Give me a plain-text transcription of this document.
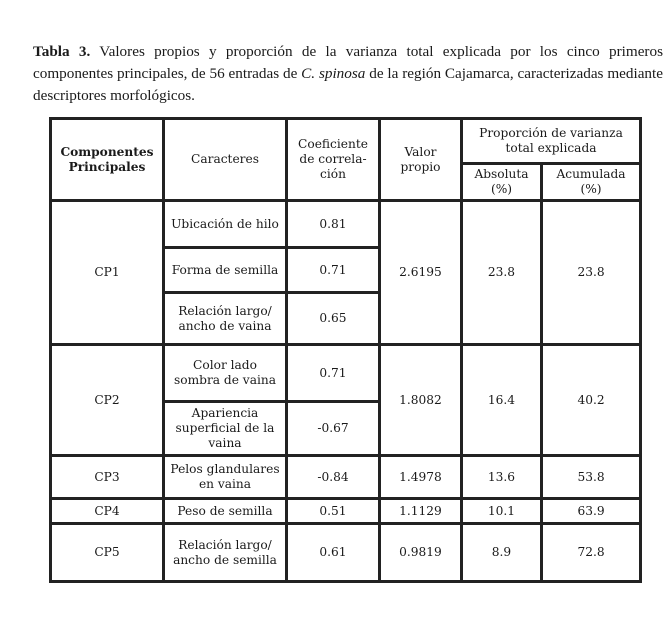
Tabla 3. Valores propios y proporción de la varianza total explicada por los cinco primeros componentes principales, de 56 entradas de C. spinosa de la región Cajamarca, caracterizadas mediante descriptores morfológicos.
Componentes Principales	Caracteres	Coeficiente de correla-ción	Valor propio	Proporción de varianza total explicada	
				Absoluta (%)	Acumulada (%)
CP1	Ubicación de hilo	0.81	2.6195	23.8	23.8
	Forma de semilla	0.71			
	Relación largo/ ancho de vaina	0.65			
CP2	Color lado sombra de vaina	0.71	1.8082	16.4	40.2
	Apariencia superficial de la vaina	-0.67			
CP3	Pelos glandulares en vaina	-0.84	1.4978	13.6	53.8
CP4	Peso de semilla	0.51	1.1129	10.1	63.9
CP5	Relación largo/ ancho de semilla	0.61	0.9819	8.9	72.8
